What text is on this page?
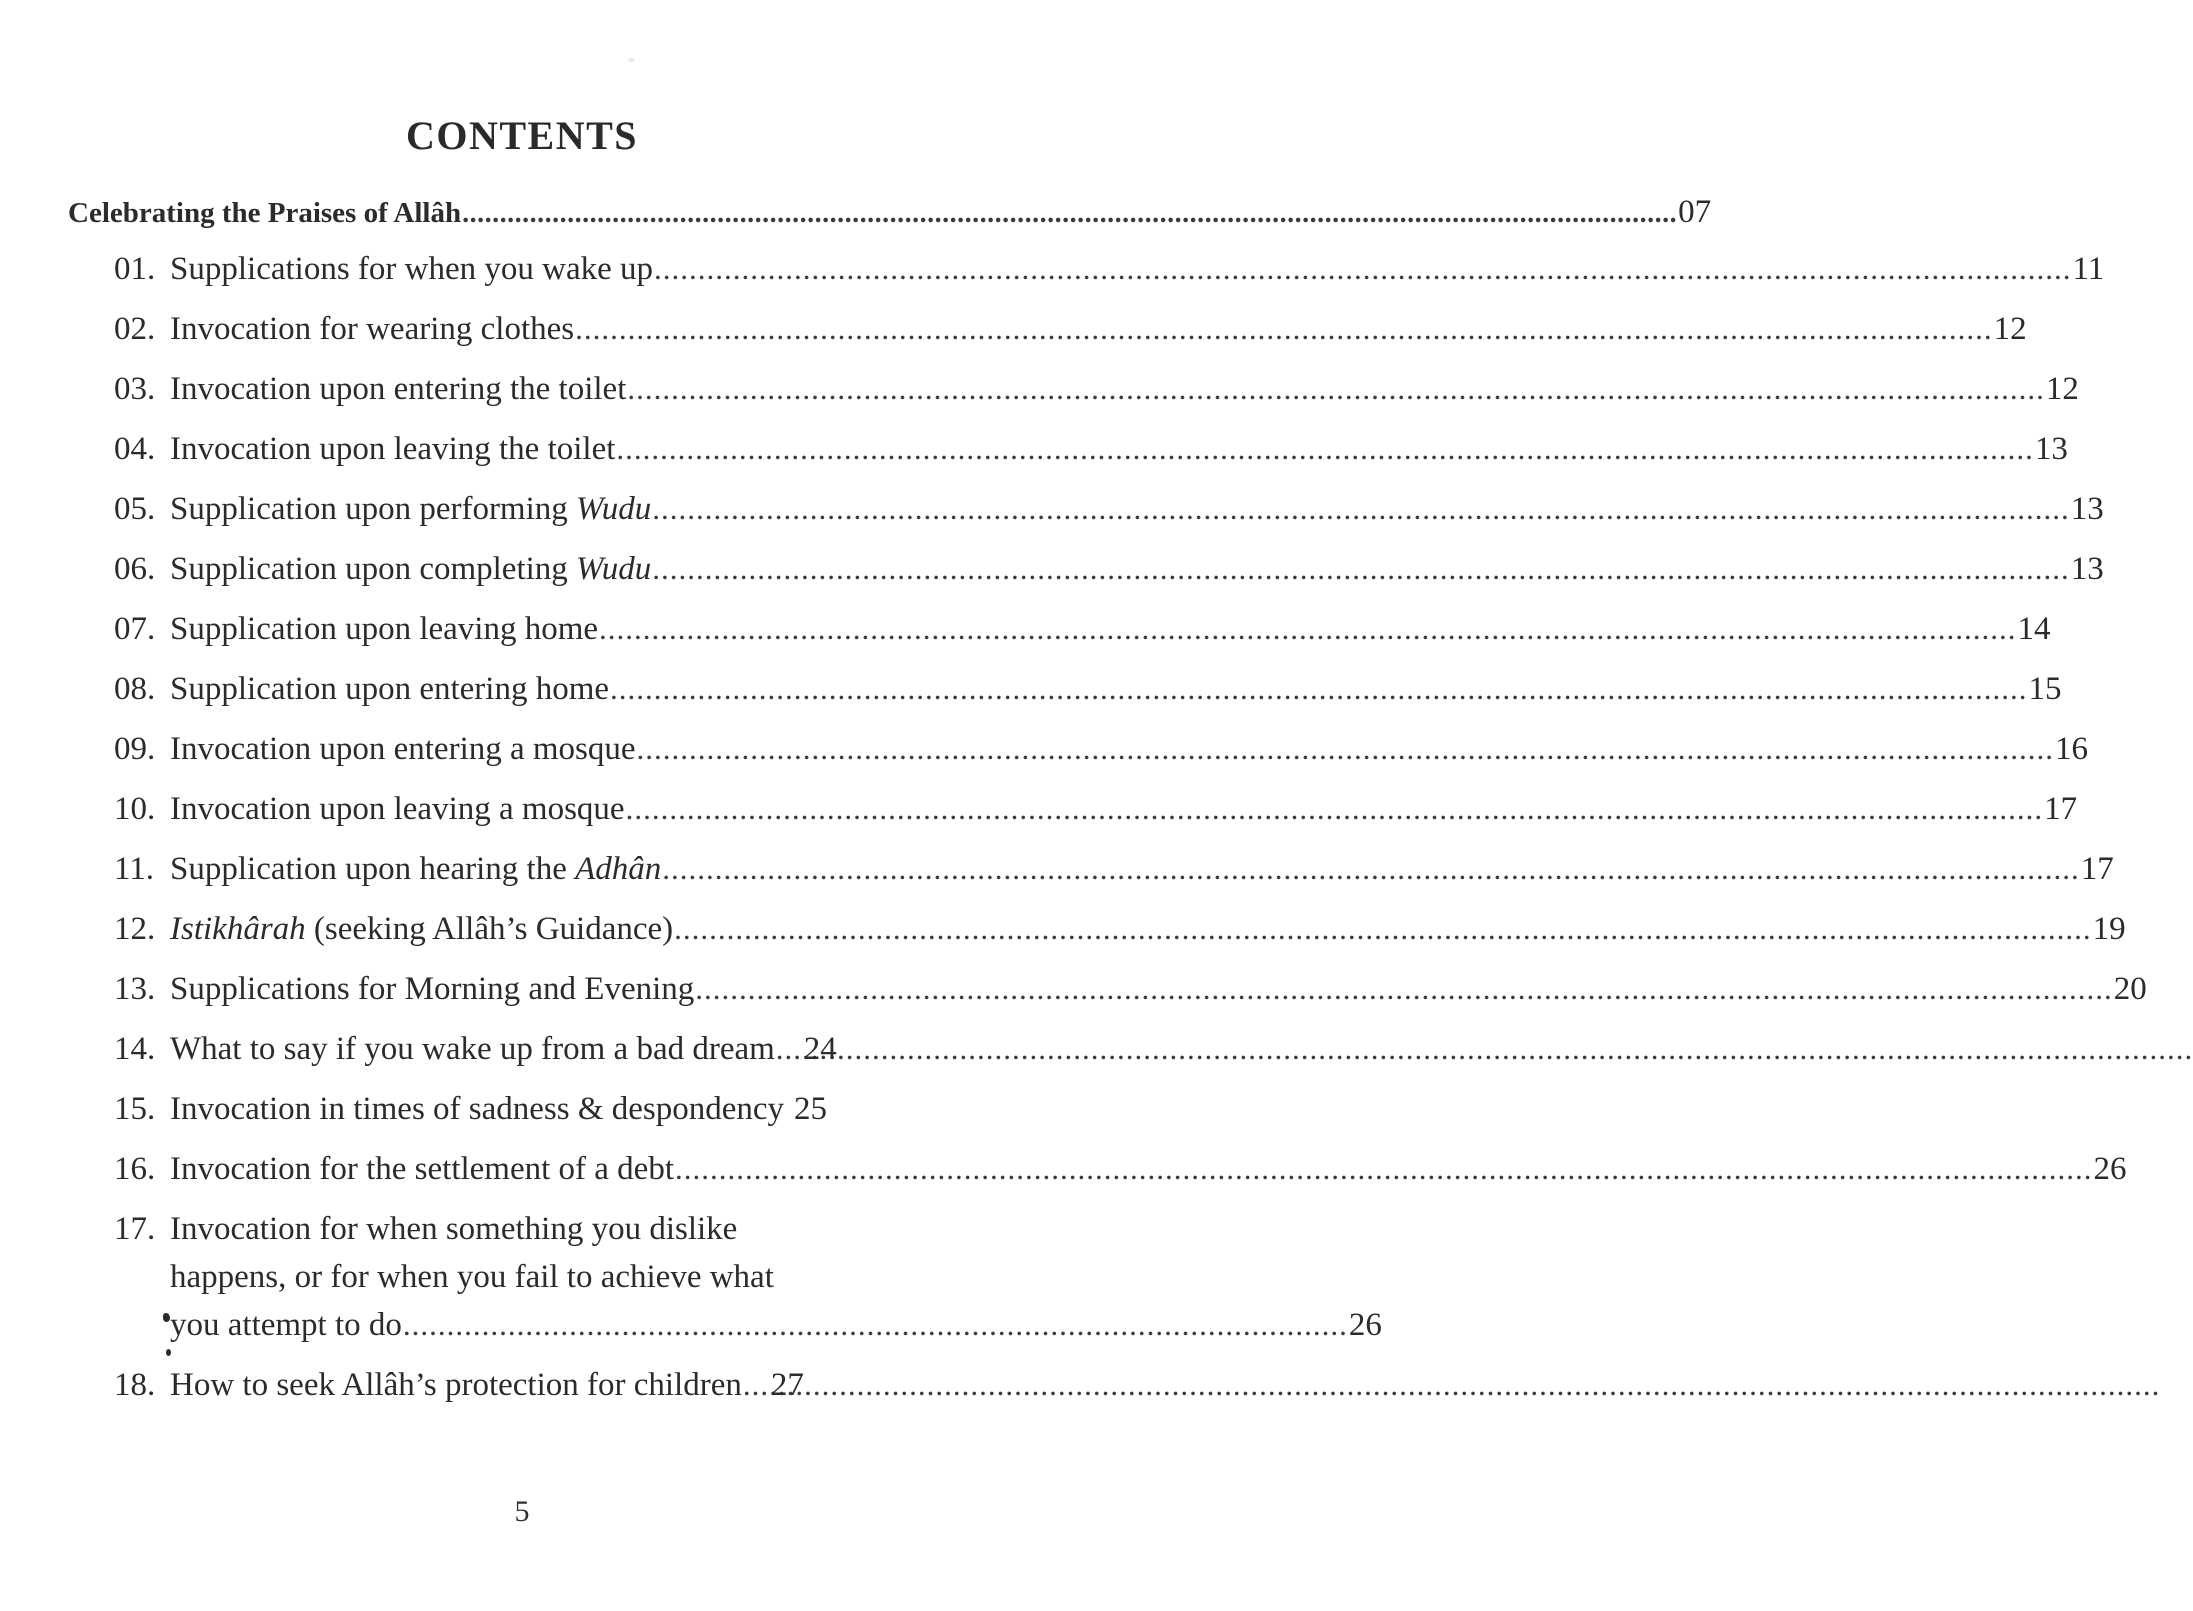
CONTENTS
Celebrating the Praises of Allâh .....	07
01. Supplications for when you wake up .....	11
02. Invocation for wearing clothes .....	12
03. Invocation upon entering the toilet .....	12
04. Invocation upon leaving the toilet .....	13
05. Supplication upon performing Wudu .....	13
06. Supplication upon completing Wudu .....	13
07. Supplication upon leaving home .....	14
08. Supplication upon entering home .....	15
09. Invocation upon entering a mosque .....	16
10. Invocation upon leaving a mosque .....	17
11. Supplication upon hearing the Adhân .....	17
12. Istikhârah (seeking Allâh’s Guidance) .....	19
13. Supplications for Morning and Evening .....	20
14. What to say if you wake up from a bad dream ..... 24
15. Invocation in times of sadness & despondency 25
16. Invocation for the settlement of a debt .....	26
17. Invocation for when something you dislike
happens, or for when you fail to achieve what
you attempt to do .....	26
18. How to seek Allâh’s protection for children ..... 27
5
